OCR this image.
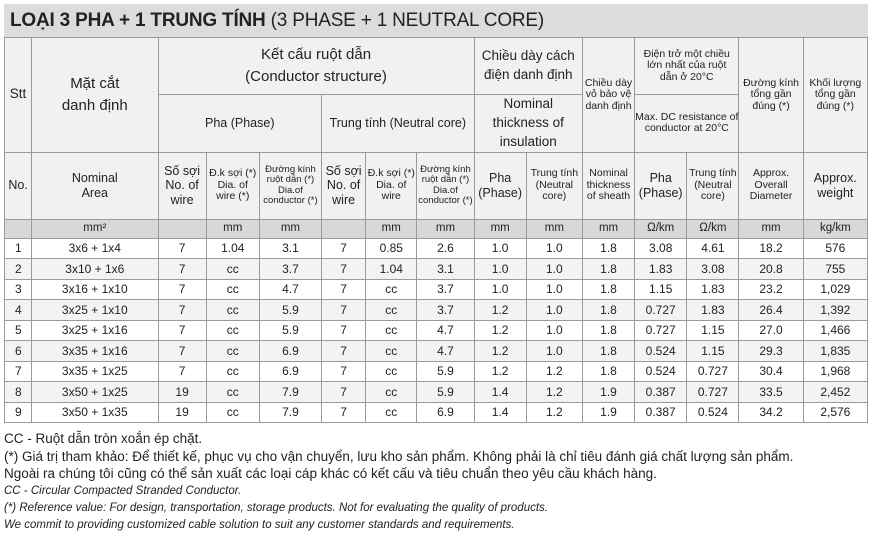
LOẠI 3 PHA + 1 TRUNG TÍNH (3 PHASE + 1 NEUTRAL CORE)
Stt	Mặt cắt danh định	Kết cấu ruột dẫn
(Conductor structure)						Chiều dày cách điện danh định		Chiều dày vỏ bảo vệ danh định	Điện trở một chiều lớn nhất của ruột dẫn ở 20°C		Đường kính tổng gần đúng (*)	Khối lượng tổng gần đúng (*)
		Pha (Phase)			Trung tính (Neutral core)			Nominal thickness of insulation			Max. DC resistance of conductor at 20°C			

No.	Nominal Area	Số sợi No. of wire	Đ.k sợi (*) Dia. of wire (*)	Đường kính ruột dẫn (*) Dia.of conductor (*)	Số sợi No. of wire	Đ.k sợi (*) Dia. of wire	Đường kính ruột dẫn (*) Dia.of conductor (*)	Pha (Phase)	Trung tính (Neutral core)	Nominal thickness of sheath	Pha (Phase)	Trung tính (Neutral core)	Approx. Overall Diameter	Approx. weight
	mm²		mm	mm		mm	mm	mm	mm	mm	Ω/km	Ω/km	mm	kg/km
1	3x6 + 1x4	7	1.04	3.1	7	0.85	2.6	1.0	1.0	1.8	3.08	4.61	18.2	576
2	3x10 + 1x6	7	cc	3.7	7	1.04	3.1	1.0	1.0	1.8	1.83	3.08	20.8	755
3	3x16 + 1x10	7	cc	4.7	7	cc	3.7	1.0	1.0	1.8	1.15	1.83	23.2	1,029
4	3x25 + 1x10	7	cc	5.9	7	cc	3.7	1.2	1.0	1.8	0.727	1.83	26.4	1,392
5	3x25 + 1x16	7	cc	5.9	7	cc	4.7	1.2	1.0	1.8	0.727	1.15	27.0	1,466
6	3x35 + 1x16	7	cc	6.9	7	cc	4.7	1.2	1.0	1.8	0.524	1.15	29.3	1,835
7	3x35 + 1x25	7	cc	6.9	7	cc	5.9	1.2	1.2	1.8	0.524	0.727	30.4	1,968
8	3x50 + 1x25	19	cc	7.9	7	cc	5.9	1.4	1.2	1.9	0.387	0.727	33.5	2,452
9	3x50 + 1x35	19	cc	7.9	7	cc	6.9	1.4	1.2	1.9	0.387	0.524	34.2	2,576
CC - Ruột dẫn tròn xoắn ép chặt.
(*) Giá trị tham khảo: Để thiết kế, phục vụ cho vận chuyển, lưu kho sản phẩm. Không phải là chỉ tiêu đánh giá chất lượng sản phẩm.
Ngoài ra chúng tôi cũng có thể sản xuất các loại cáp khác có kết cấu và tiêu chuẩn theo yêu cầu khách hàng.
CC - Circular Compacted Stranded Conductor.
(*) Reference value: For design, transportation, storage products. Not for evaluating the quality of products.
We commit to providing customized cable solution to suit any customer standards and requirements.
